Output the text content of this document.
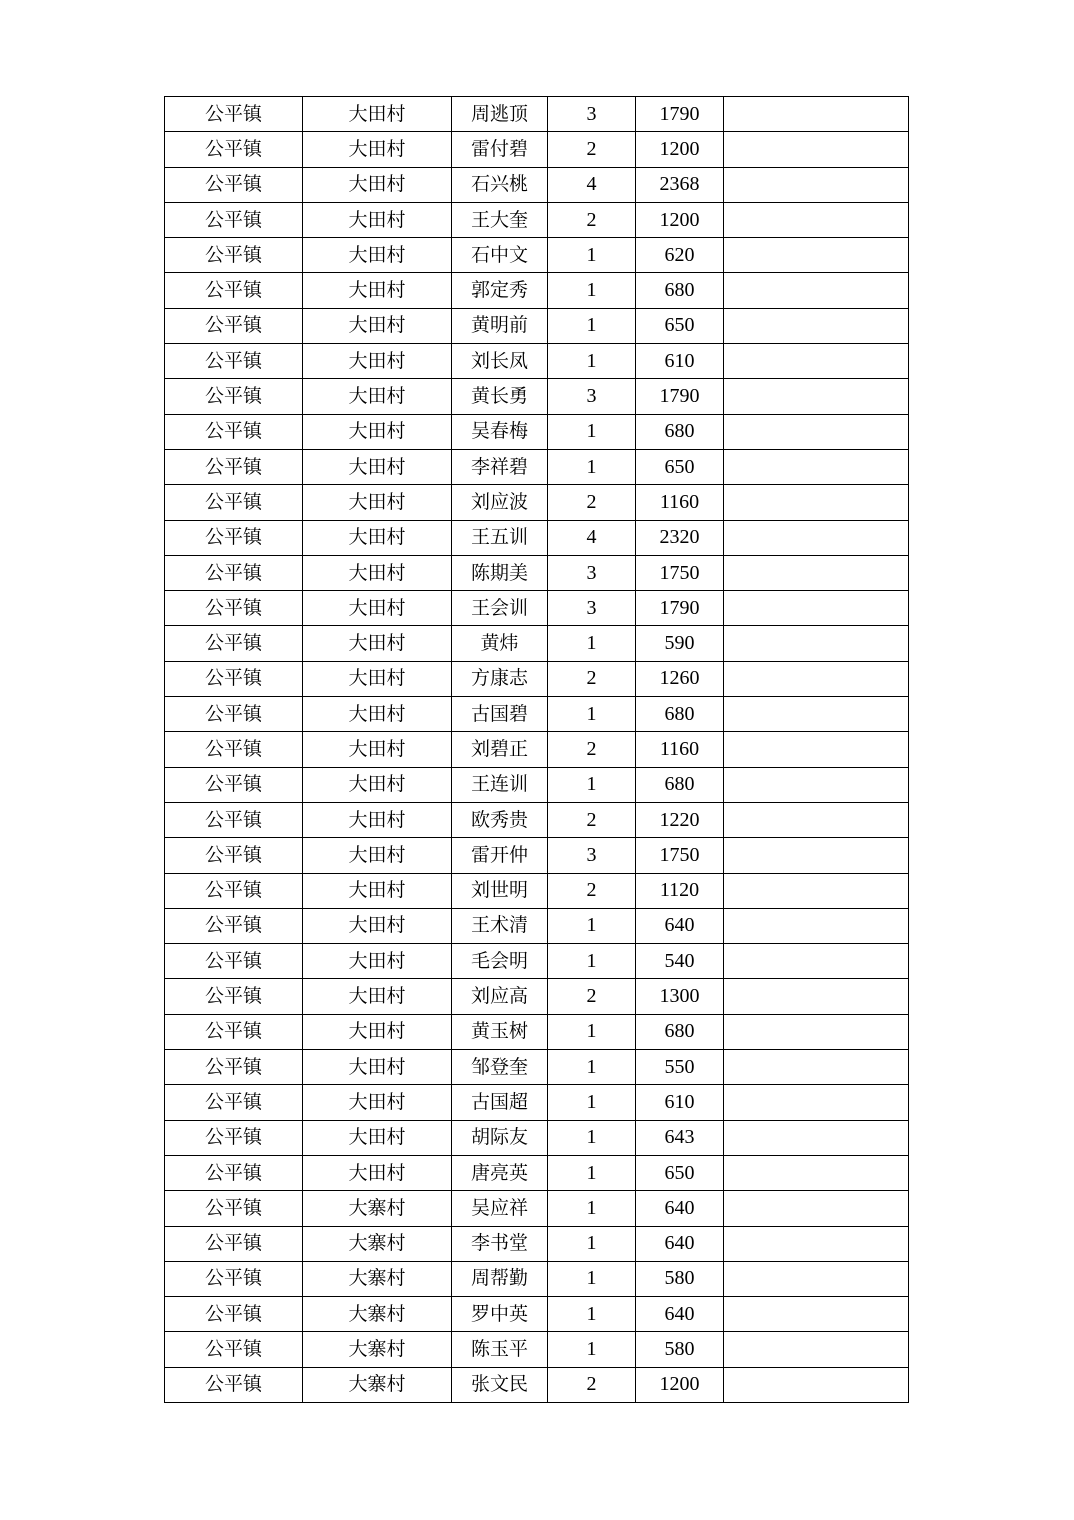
公平镇	大田村	周逃顶	3	1790	
公平镇	大田村	雷付碧	2	1200	
公平镇	大田村	石兴桃	4	2368	
公平镇	大田村	王大奎	2	1200	
公平镇	大田村	石中文	1	620	
公平镇	大田村	郭定秀	1	680	
公平镇	大田村	黄明前	1	650	
公平镇	大田村	刘长凤	1	610	
公平镇	大田村	黄长勇	3	1790	
公平镇	大田村	吴春梅	1	680	
公平镇	大田村	李祥碧	1	650	
公平镇	大田村	刘应波	2	1160	
公平镇	大田村	王五训	4	2320	
公平镇	大田村	陈期美	3	1750	
公平镇	大田村	王会训	3	1790	
公平镇	大田村	黄炜	1	590	
公平镇	大田村	方康志	2	1260	
公平镇	大田村	古国碧	1	680	
公平镇	大田村	刘碧正	2	1160	
公平镇	大田村	王连训	1	680	
公平镇	大田村	欧秀贵	2	1220	
公平镇	大田村	雷开仲	3	1750	
公平镇	大田村	刘世明	2	1120	
公平镇	大田村	王术清	1	640	
公平镇	大田村	毛会明	1	540	
公平镇	大田村	刘应高	2	1300	
公平镇	大田村	黄玉树	1	680	
公平镇	大田村	邹登奎	1	550	
公平镇	大田村	古国超	1	610	
公平镇	大田村	胡际友	1	643	
公平镇	大田村	唐亮英	1	650	
公平镇	大寨村	吴应祥	1	640	
公平镇	大寨村	李书堂	1	640	
公平镇	大寨村	周帮勤	1	580	
公平镇	大寨村	罗中英	1	640	
公平镇	大寨村	陈玉平	1	580	
公平镇	大寨村	张文民	2	1200	
